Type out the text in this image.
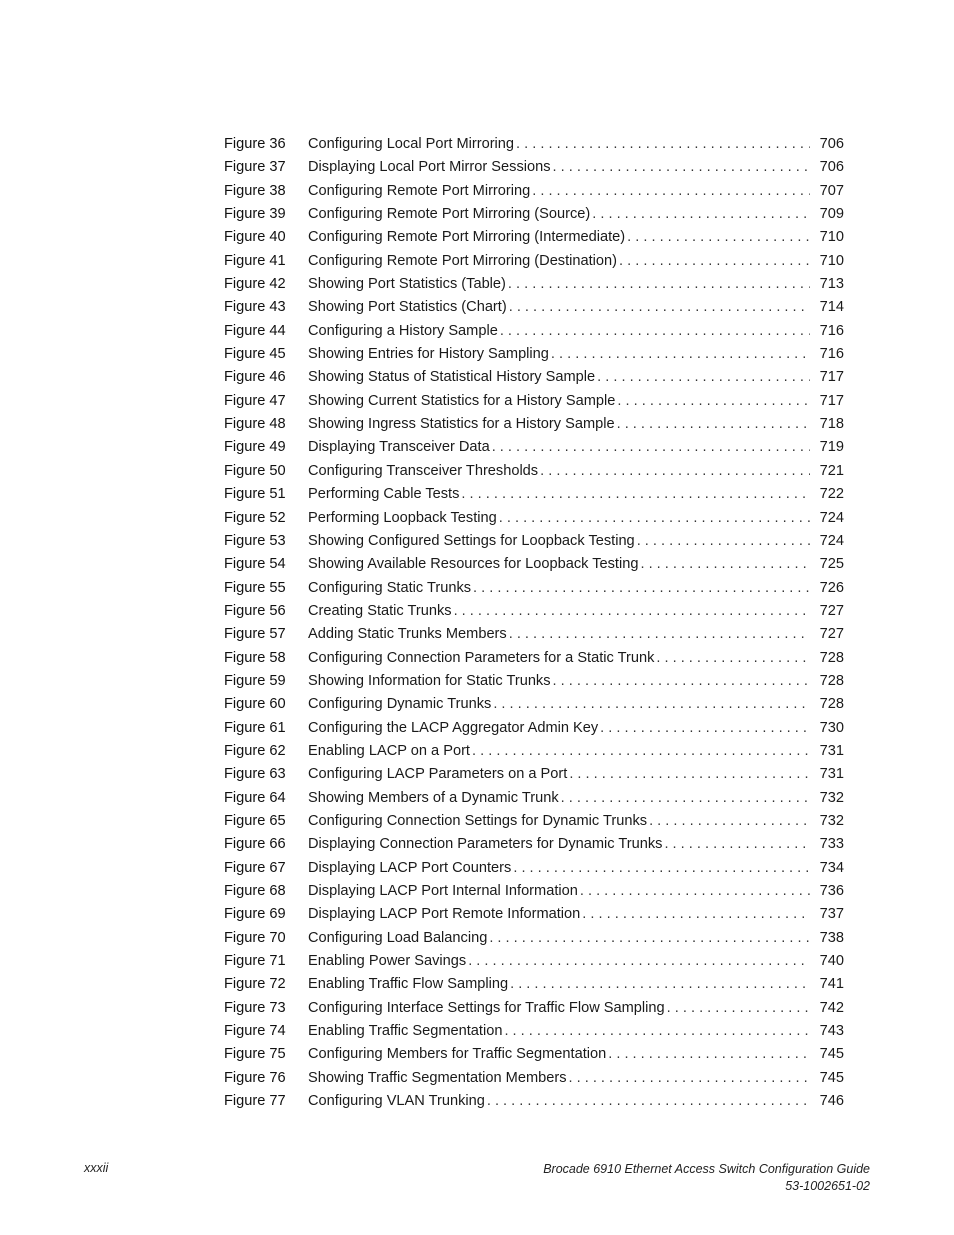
Figure 36	Configuring Local Port Mirroring . . .	706
Figure 37	Displaying Local Port Mirror Sessions . . .	706
Figure 38	Configuring Remote Port Mirroring . . .	707
Figure 39	Configuring Remote Port Mirroring (Source) . . .	709
Figure 40	Configuring Remote Port Mirroring (Intermediate) . . .	710
Figure 41	Configuring Remote Port Mirroring (Destination) . . .	710
Figure 42	Showing Port Statistics (Table) . . .	713
Figure 43	Showing Port Statistics (Chart) . . .	714
Figure 44	Configuring a History Sample . . .	716
Figure 45	Showing Entries for History Sampling . . .	716
Figure 46	Showing Status of Statistical History Sample . . .	717
Figure 47	Showing Current Statistics for a History Sample . . .	717
Figure 48	Showing Ingress Statistics for a History Sample . . .	718
Figure 49	Displaying Transceiver Data . . .	719
Figure 50	Configuring Transceiver Thresholds . . .	721
Figure 51	Performing Cable Tests . . .	722
Figure 52	Performing Loopback Testing . . .	724
Figure 53	Showing Configured Settings for Loopback Testing . . .	724
Figure 54	Showing Available Resources for Loopback Testing . . .	725
Figure 55	Configuring Static Trunks . . .	726
Figure 56	Creating Static Trunks . . .	727
Figure 57	Adding Static Trunks Members . . .	727
Figure 58	Configuring Connection Parameters for a Static Trunk . . .	728
Figure 59	Showing Information for Static Trunks . . .	728
Figure 60	Configuring Dynamic Trunks . . .	728
Figure 61	Configuring the LACP Aggregator Admin Key . . .	730
Figure 62	Enabling LACP on a Port . . .	731
Figure 63	Configuring LACP Parameters on a Port . . .	731
Figure 64	Showing Members of a Dynamic Trunk . . .	732
Figure 65	Configuring Connection Settings for Dynamic Trunks . . .	732
Figure 66	Displaying Connection Parameters for Dynamic Trunks . . .	733
Figure 67	Displaying LACP Port Counters . . .	734
Figure 68	Displaying LACP Port Internal Information . . .	736
Figure 69	Displaying LACP Port Remote Information . . .	737
Figure 70	Configuring Load Balancing . . .	738
Figure 71	Enabling Power Savings . . .	740
Figure 72	Enabling Traffic Flow Sampling . . .	741
Figure 73	Configuring Interface Settings for Traffic Flow Sampling . . .	742
Figure 74	Enabling Traffic Segmentation . . .	743
Figure 75	Configuring Members for Traffic Segmentation . . .	745
Figure 76	Showing Traffic Segmentation Members . . .	745
Figure 77	Configuring VLAN Trunking . . .	746
xxxii	Brocade 6910 Ethernet Access Switch Configuration Guide
53-1002651-02
